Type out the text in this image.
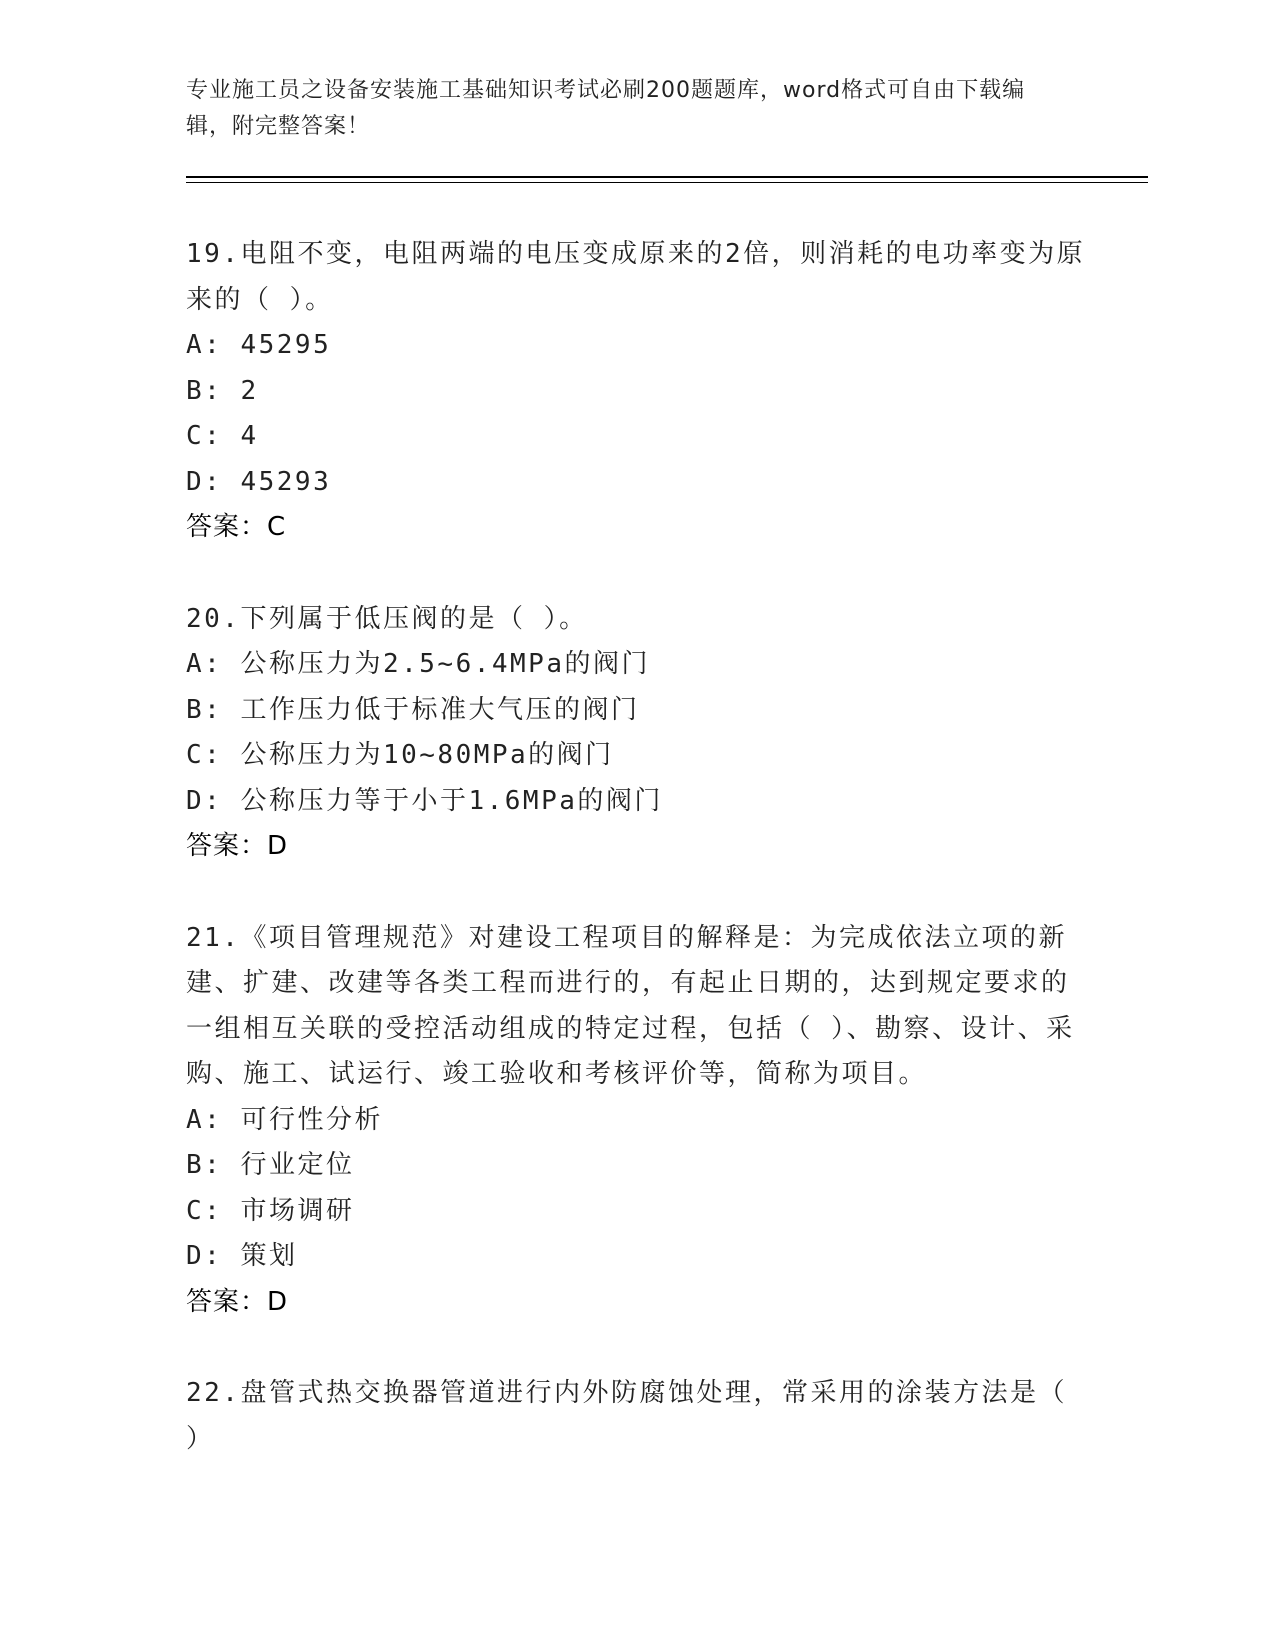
专业施工员之设备安装施工基础知识考试必刷200题题库，word格式可自由下载编辑，附完整答案！
19.电阻不变，电阻两端的电压变成原来的2倍，则消耗的电功率变为原来的（ ）。
A: 45295
B: 2
C: 4
D: 45293
答案：C
20.下列属于低压阀的是（ ）。
A: 公称压力为2.5~6.4MPa的阀门
B: 工作压力低于标准大气压的阀门
C: 公称压力为10~80MPa的阀门
D: 公称压力等于小于1.6MPa的阀门
答案：D
21.《项目管理规范》对建设工程项目的解释是：为完成依法立项的新建、扩建、改建等各类工程而进行的，有起止日期的，达到规定要求的一组相互关联的受控活动组成的特定过程，包括（ ）、勘察、设计、采购、施工、试运行、竣工验收和考核评价等，简称为项目。
A: 可行性分析
B: 行业定位
C: 市场调研
D: 策划
答案：D
22.盘管式热交换器管道进行内外防腐蚀处理，常采用的涂装方法是（ ）
